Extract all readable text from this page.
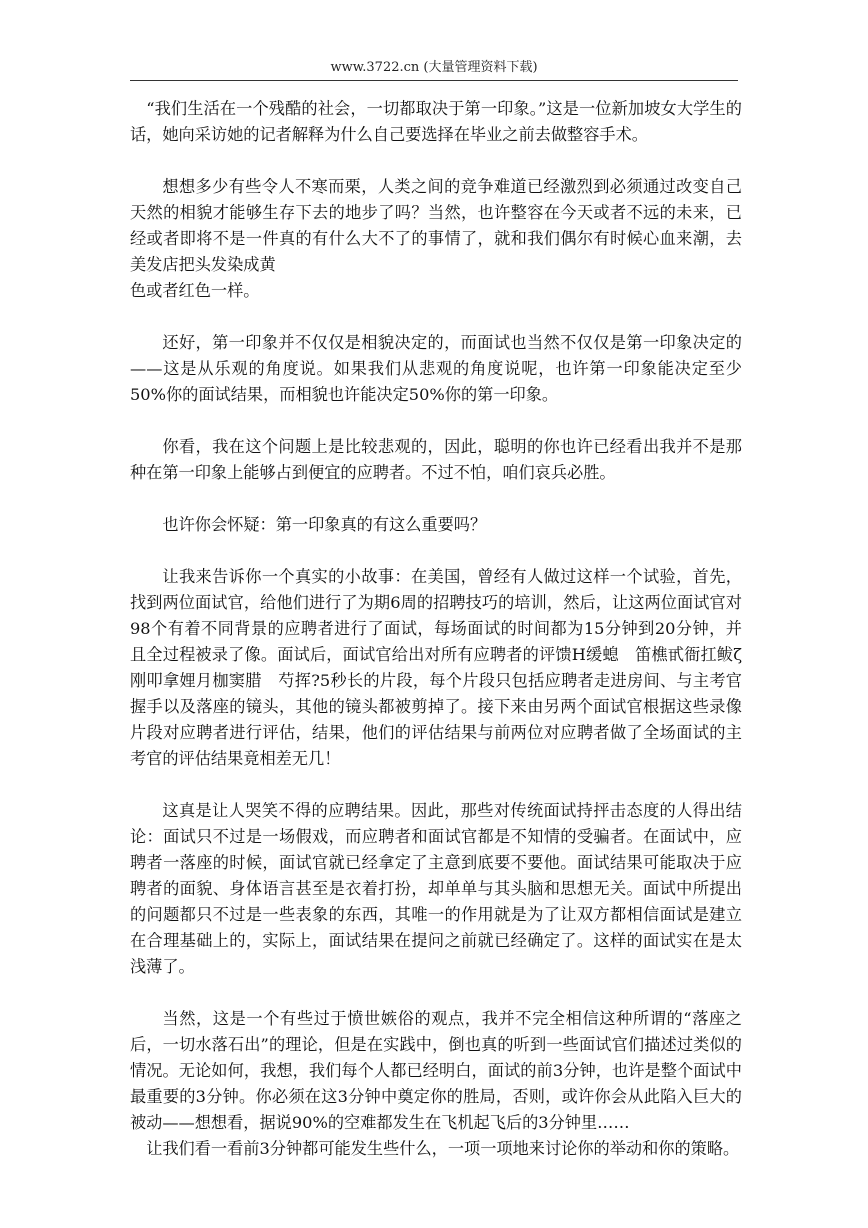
www.3722.cn (大量管理资料下载)

“我们生活在一个残酷的社会，一切都取决于第一印象。”这是一位新加坡女大学生的话，她向采访她的记者解释为什么自己要选择在毕业之前去做整容手术。

想想多少有些令人不寒而栗，人类之间的竞争难道已经激烈到必须通过改变自己天然的相貌才能够生存下去的地步了吗？当然，也许整容在今天或者不远的未来，已经或者即将不是一件真的有什么大不了的事情了，就和我们偶尔有时候心血来潮，去美发店把头发染成黄

色或者红色一样。

还好，第一印象并不仅仅是相貌决定的，而面试也当然不仅仅是第一印象决定的——这是从乐观的角度说。如果我们从悲观的角度说呢，也许第一印象能决定至少50%你的面试结果，而相貌也许能决定50%你的第一印象。

你看，我在这个问题上是比较悲观的，因此，聪明的你也许已经看出我并不是那种在第一印象上能够占到便宜的应聘者。不过不怕，咱们哀兵必胜。

也许你会怀疑：第一印象真的有这么重要吗？

让我来告诉你一个真实的小故事：在美国，曾经有人做过这样一个试验，首先，找到两位面试官，给他们进行了为期6周的招聘技巧的培训，然后，让这两位面试官对98个有着不同背景的应聘者进行了面试，每场面试的时间都为15分钟到20分钟，并且全过程被录了像。面试后，面试官给出对所有应聘者的评馈Η缓螅　笛樵甙衙扛鲅ζ刚叩拿娌月枷窦腊　芍挥?5秒长的片段，每个片段只包括应聘者走进房间、与主考官握手以及落座的镜头，其他的镜头都被剪掉了。接下来由另两个面试官根据这些录像片段对应聘者进行评估，结果，他们的评估结果与前两位对应聘者做了全场面试的主考官的评估结果竟相差无几！

这真是让人哭笑不得的应聘结果。因此，那些对传统面试持抨击态度的人得出结论：面试只不过是一场假戏，而应聘者和面试官都是不知情的受骗者。在面试中，应聘者一落座的时候，面试官就已经拿定了主意到底要不要他。面试结果可能取决于应聘者的面貌、身体语言甚至是衣着打扮，却单单与其头脑和思想无关。面试中所提出的问题都只不过是一些表象的东西，其唯一的作用就是为了让双方都相信面试是建立在合理基础上的，实际上，面试结果在提问之前就已经确定了。这样的面试实在是太浅薄了。

当然，这是一个有些过于愤世嫉俗的观点，我并不完全相信这种所谓的“落座之后，一切水落石出”的理论，但是在实践中，倒也真的听到一些面试官们描述过类似的情况。无论如何，我想，我们每个人都已经明白，面试的前3分钟，也许是整个面试中最重要的3分钟。你必须在这3分钟中奠定你的胜局，否则，或许你会从此陷入巨大的被动——想想看，据说90%的空难都发生在飞机起飞后的3分钟里……

让我们看一看前3分钟都可能发生些什么，一项一项地来讨论你的举动和你的策略。
